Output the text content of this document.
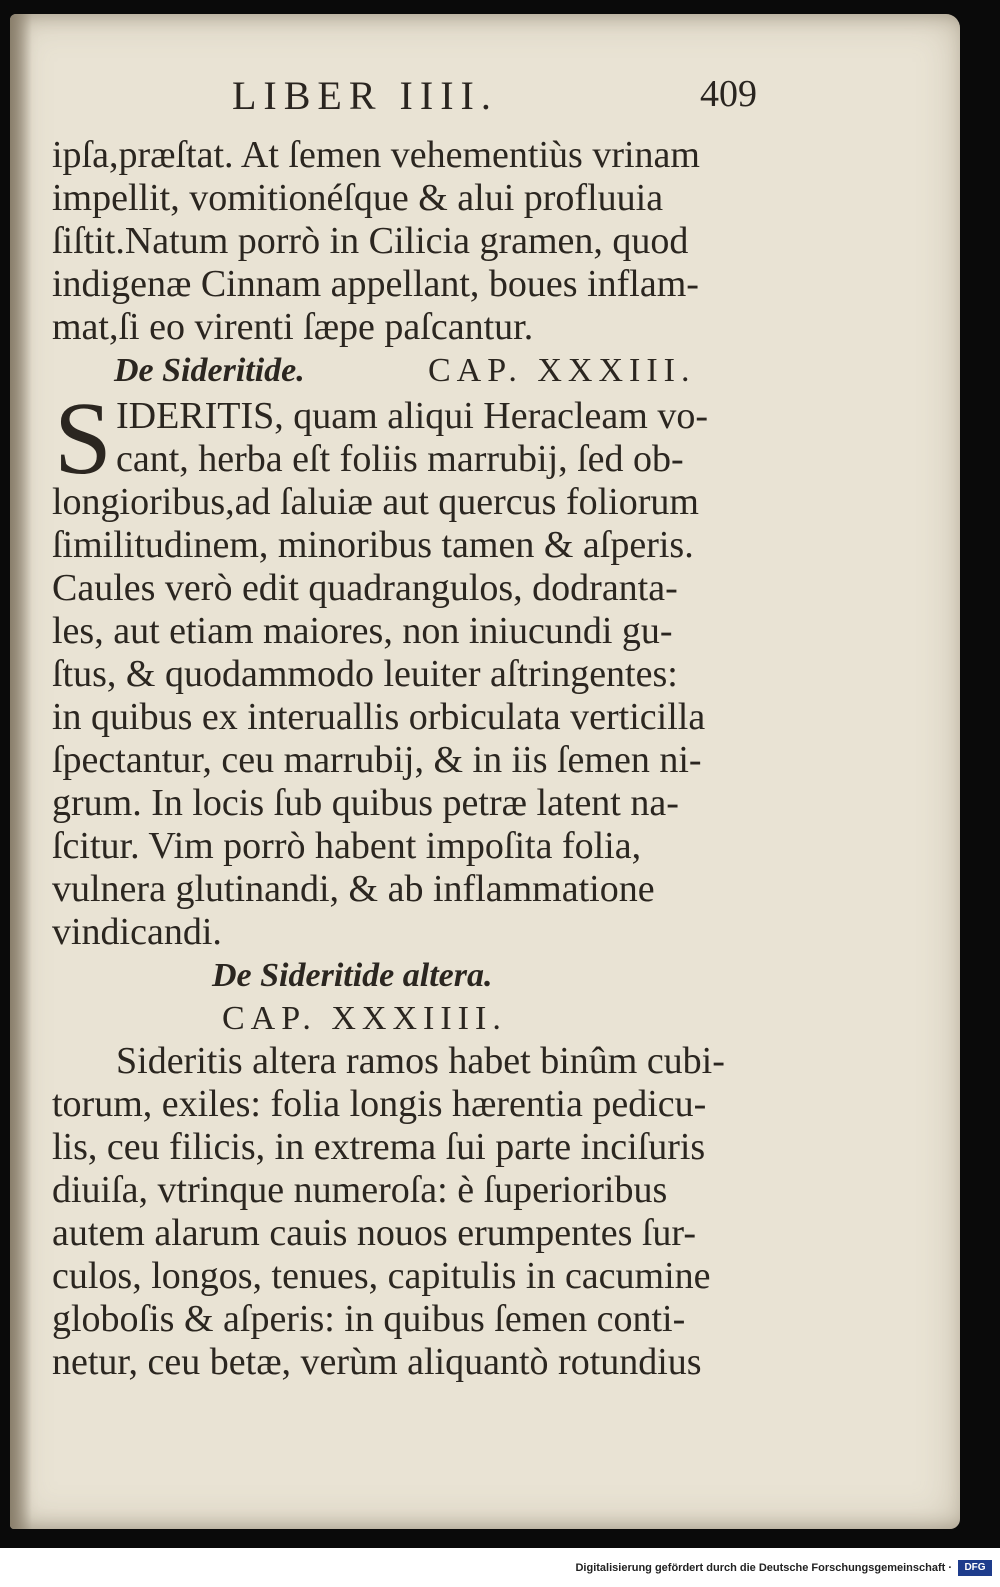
LIBER IIII.	409
ipſa,præſtat. At ſemen vehementiùs vrinam
impellit, vomitionéſque & alui profluuia
ſiſtit.Natum porrò in Cilicia gramen, quod
indigenæ Cinnam appellant, boues inflam-
mat,ſi eo virenti ſæpe paſcantur.
De Sideritide.	CAP. XXXIII.
S IDERITIS, quam aliqui Heracleam vo-
cant, herba eſt foliis marrubij, ſed ob-
longioribus,ad ſaluiæ aut quercus foliorum
ſimilitudinem, minoribus tamen & aſperis.
Caules verò edit quadrangulos, dodranta-
les, aut etiam maiores, non iniucundi gu-
ſtus, & quodammodo leuiter aſtringentes:
in quibus ex interuallis orbiculata verticilla
ſpectantur, ceu marrubij, & in iis ſemen ni-
grum. In locis ſub quibus petræ latent na-
ſcitur. Vim porrò habent impoſita folia,
vulnera glutinandi, & ab inflammatione
vindicandi.
De Sideritide altera.
CAP. XXXIIII.
Sideritis altera ramos habet binûm cubi-
torum, exiles: folia longis hærentia pedicu-
lis, ceu filicis, in extrema ſui parte inciſuris
diuiſa, vtrinque numeroſa: è ſuperioribus
autem alarum cauis nouos erumpentes ſur-
culos, longos, tenues, capitulis in cacumine
globoſis & aſperis: in quibus ſemen conti-
netur, ceu betæ, verùm aliquantò rotundius
Digitalisierung gefördert durch die Deutsche Forschungsgemeinschaft ·	DFG
